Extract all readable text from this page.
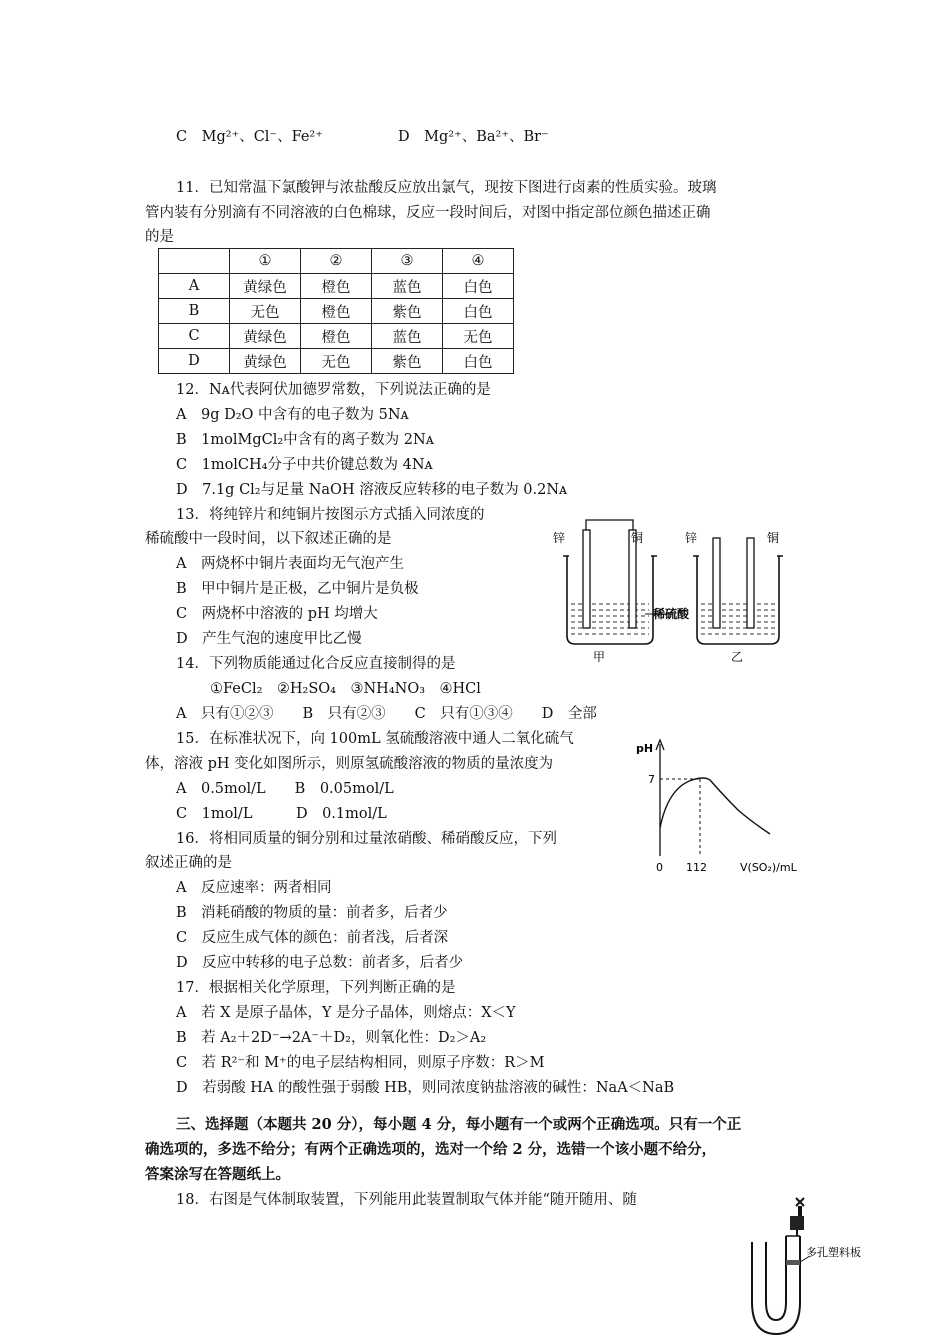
C　Mg²⁺、Cl⁻、Fe²⁺	D　Mg²⁺、Ba²⁺、Br⁻
11．已知常温下氯酸钾与浓盐酸反应放出氯气，现按下图进行卤素的性质实验。玻璃
管内装有分别滴有不同溶液的白色棉球，反应一段时间后，对图中指定部位颜色描述正确
的是
	①	②	③	④
A	黄绿色	橙色	蓝色	白色
B	无色	橙色	紫色	白色
C	黄绿色	橙色	蓝色	无色
D	黄绿色	无色	紫色	白色
12．Nᴀ代表阿伏加德罗常数，下列说法正确的是
A　9g D₂O 中含有的电子数为 5Nᴀ
B　1molMgCl₂中含有的离子数为 2Nᴀ
C　1molCH₄分子中共价键总数为 4Nᴀ
D　7.1g Cl₂与足量 NaOH 溶液反应转移的电子数为 0.2Nᴀ
13．将纯锌片和纯铜片按图示方式插入同浓度的
稀硫酸中一段时间，以下叙述正确的是
A　两烧杯中铜片表面均无气泡产生
B　甲中铜片是正极，乙中铜片是负极
C　两烧杯中溶液的 pH 均增大
D　产生气泡的速度甲比乙慢
锌	铜	锌	铜
稀硫酸
甲	乙
14．下列物质能通过化合反应直接制得的是
①FeCl₂　②H₂SO₄　③NH₄NO₃　④HCl
A　只有①②③　　B　只有②③　　C　只有①③④　　D　全部
15．在标准状况下，向 100mL 氢硫酸溶液中通人二氧化硫气
体，溶液 pH 变化如图所示，则原氢硫酸溶液的物质的量浓度为
A　0.5mol/L　　B　0.05mol/L
C　1mol/L　　　D　0.1mol/L
pH
7
0 112	V(SO₂)/mL
16．将相同质量的铜分别和过量浓硝酸、稀硝酸反应，下列
叙述正确的是
A　反应速率：两者相同
B　消耗硝酸的物质的量：前者多，后者少
C　反应生成气体的颜色：前者浅，后者深
D　反应中转移的电子总数：前者多，后者少
17．根据相关化学原理，下列判断正确的是
A　若 X 是原子晶体，Y 是分子晶体，则熔点：X＜Y
B　若 A₂＋2D⁻→2A⁻＋D₂，则氧化性：D₂＞A₂
C　若 R²⁻和 M⁺的电子层结构相同，则原子序数：R＞M
D　若弱酸 HA 的酸性强于弱酸 HB，则同浓度钠盐溶液的碱性：NaA＜NaB
三、选择题（本题共 20 分），每小题 4 分，每小题有一个或两个正确选项。只有一个正
确选项的，多选不给分；有两个正确选项的，选对一个给 2 分，选错一个该小题不给分，
答案涂写在答题纸上。
18．右图是气体制取装置，下列能用此装置制取气体并能“随开随用、随
多孔塑料板
